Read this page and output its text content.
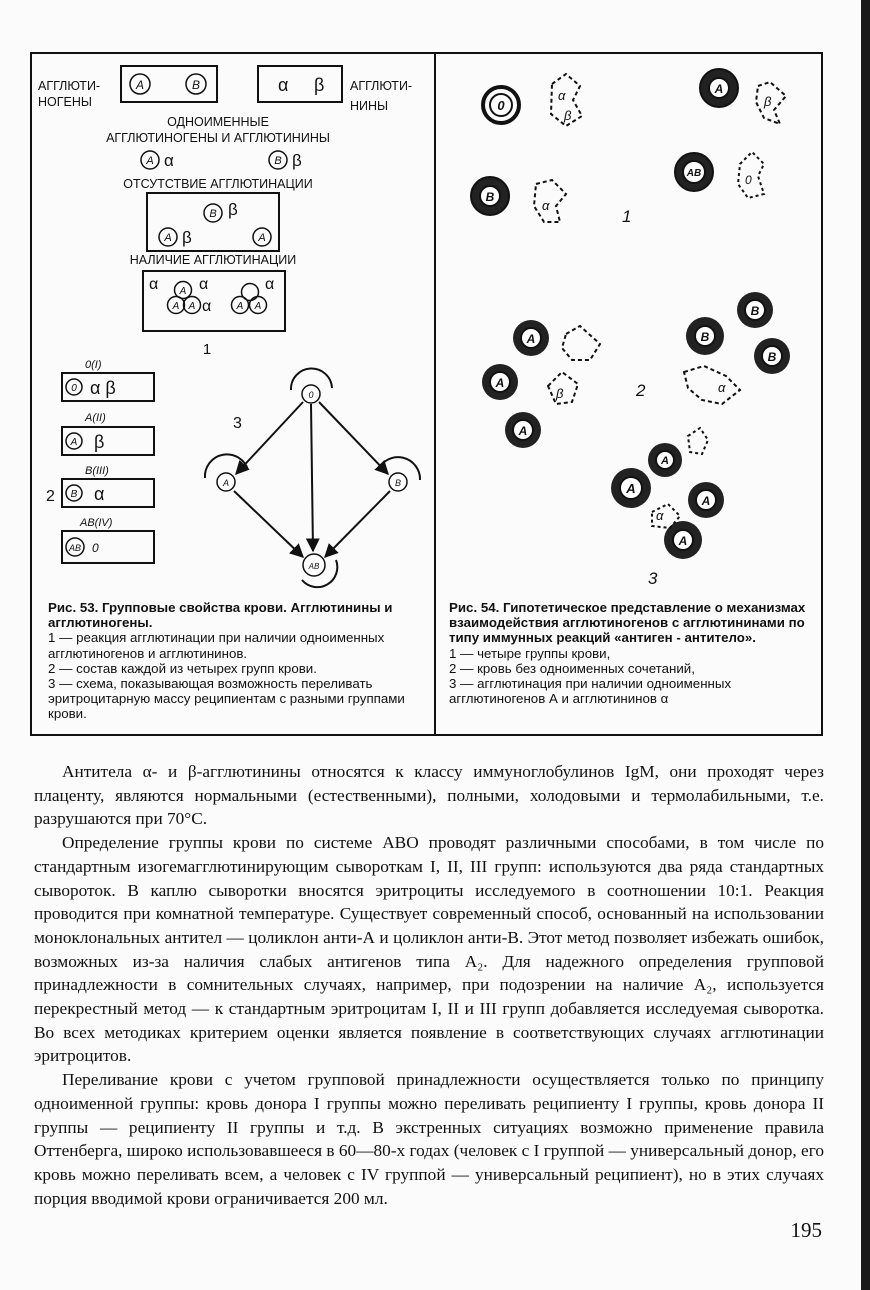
АГГЛЮТИ-
НОГЕНЫ
A	B	α β АГГЛЮТИ-
НИНЫ
ОДНОИМЕННЫЕ
АГГЛЮТИНОГЕНЫ И АГГЛЮТИНИНЫ
A α	B β
ОТСУТСТВИЕ АГГЛЮТИНАЦИИ
B β
A β	A
НАЛИЧИЕ АГГЛЮТИНАЦИИ
α	α	α
A
A A α	A A
1
0(I)
0 α β
A(II)
A β
B(III)
2 B α
AB(IV)
AB 0
3
0
A	B
AB
0
α
β
A
β
B
α
AB	0
1
A
A
A
β
B
B
B
α
2
A
A
A
A
α
3
Рис. 53. Групповые свойства крови. Агглютинины и агглютиногены.
1 — реакция агглютинации при наличии одноименных агглютиногенов и агглютининов.
2 — состав каждой из четырех групп крови.
3 — схема, показывающая возможность переливать эритроцитарную массу реципиентам с разными группами крови.
Рис. 54. Гипотетическое представление о механизмах взаимодействия агглютиногенов с агглютининами по типу иммунных реакций «антиген - антитело».
1 — четыре группы крови,
2 — кровь без одноименных сочетаний,
3 — агглютинация при наличии одноименных агглютиногенов А и агглютининов α

Антитела α- и β-агглютинины относятся к классу иммуноглобулинов IgM, они проходят через плаценту, являются нормальными (естественными), полными, холодовыми и термолабильными, т.е. разрушаются при 70°С.

Определение группы крови по системе АВО проводят различными способами, в том числе по стандартным изогемагглютинирующим сывороткам I, II, III групп: используются два ряда стандартных сывороток. В каплю сыворотки вносятся эритроциты исследуемого в соотношении 10:1. Реакция проводится при комнатной температуре. Существует современный способ, основанный на использовании моноклональных антител — цоликлон анти-А и цоликлон анти-В. Этот метод позволяет избежать ошибок, возможных из-за наличия слабых антигенов типа А₂. Для надежного определения групповой принадлежности в сомнительных случаях, например, при подозрении на наличие А₂, используется перекрестный метод — к стандартным эритроцитам I, II и III групп добавляется исследуемая сыворотка. Во всех методиках критерием оценки является появление в соответствующих случаях агглютинации эритроцитов.

Переливание крови с учетом групповой принадлежности осуществляется только по принципу одноименной группы: кровь донора I группы можно переливать реципиенту I группы, кровь донора II группы — реципиенту II группы и т.д. В экстренных ситуациях возможно применение правила Оттенберга, широко использовавшееся в 60—80-х годах (человек с I группой — универсальный донор, его кровь можно переливать всем, а человек с IV группой — универсальный реципиент), но в этих случаях порция вводимой крови ограничивается 200 мл.

195
